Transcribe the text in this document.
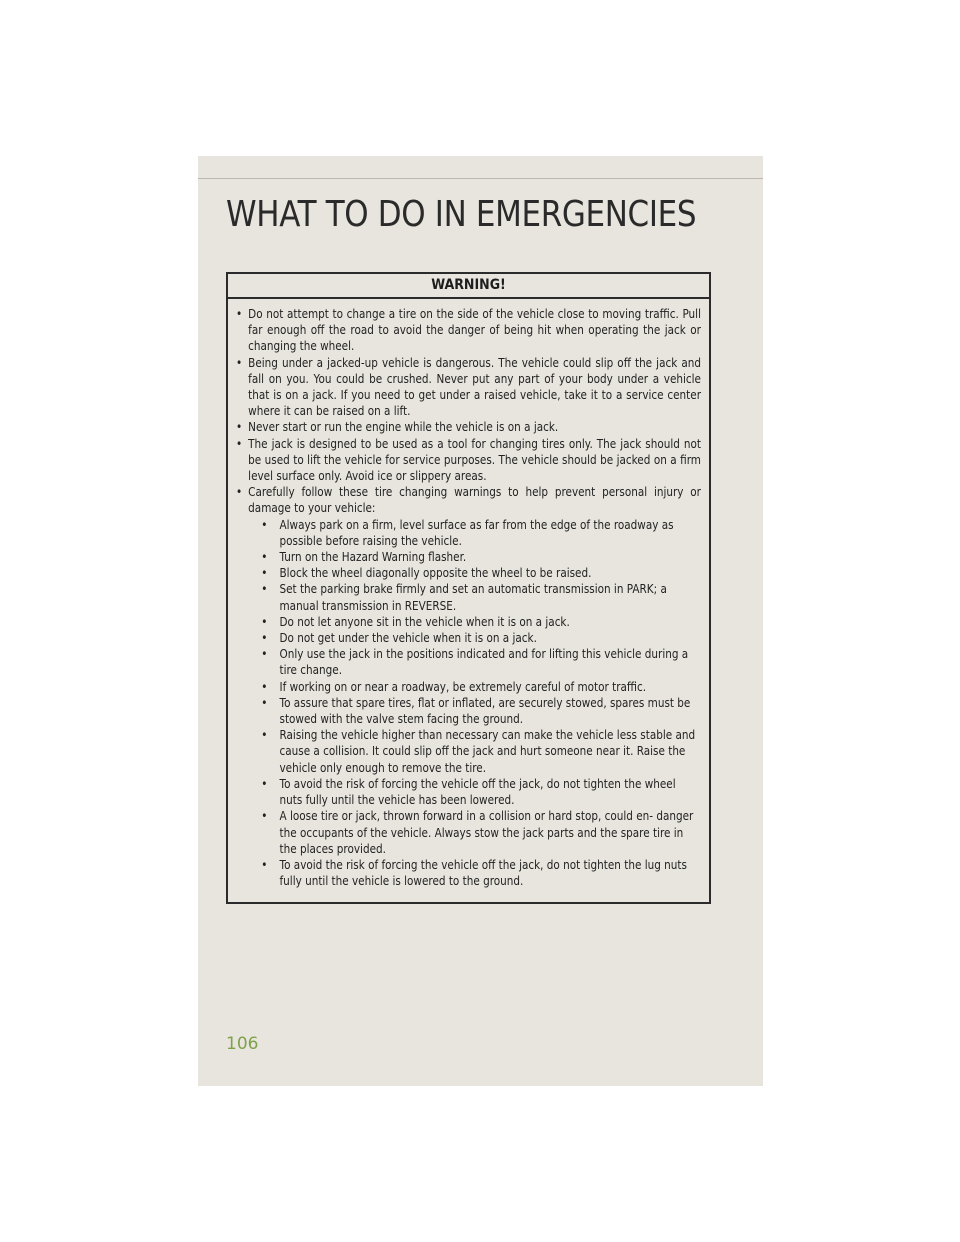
WHAT TO DO IN EMERGENCIES
WARNING!
• Do not attempt to change a tire on the side of the vehicle close to moving traffic. Pull far enough off the road to avoid the danger of being hit when operating the jack or changing the wheel.
• Being under a jacked-up vehicle is dangerous. The vehicle could slip off the jack and fall on you. You could be crushed. Never put any part of your body under a vehicle that is on a jack. If you need to get under a raised vehicle, take it to a service center where it can be raised on a lift.
• Never start or run the engine while the vehicle is on a jack.
• The jack is designed to be used as a tool for changing tires only. The jack should not be used to lift the vehicle for service purposes. The vehicle should be jacked on a firm level surface only. Avoid ice or slippery areas.
• Carefully follow these tire changing warnings to help prevent personal injury or damage to your vehicle:
• Always park on a firm, level surface as far from the edge of the roadway as possible before raising the vehicle.
• Turn on the Hazard Warning flasher.
• Block the wheel diagonally opposite the wheel to be raised.
• Set the parking brake firmly and set an automatic transmission in PARK; a manual transmission in REVERSE.
• Do not let anyone sit in the vehicle when it is on a jack.
• Do not get under the vehicle when it is on a jack.
• Only use the jack in the positions indicated and for lifting this vehicle during a tire change.
• If working on or near a roadway, be extremely careful of motor traffic.
• To assure that spare tires, flat or inflated, are securely stowed, spares must be stowed with the valve stem facing the ground.
• Raising the vehicle higher than necessary can make the vehicle less stable and cause a collision. It could slip off the jack and hurt someone near it. Raise the vehicle only enough to remove the tire.
• To avoid the risk of forcing the vehicle off the jack, do not tighten the wheel nuts fully until the vehicle has been lowered.
• A loose tire or jack, thrown forward in a collision or hard stop, could en- danger the occupants of the vehicle. Always stow the jack parts and the spare tire in the places provided.
• To avoid the risk of forcing the vehicle off the jack, do not tighten the lug nuts fully until the vehicle is lowered to the ground.
106
